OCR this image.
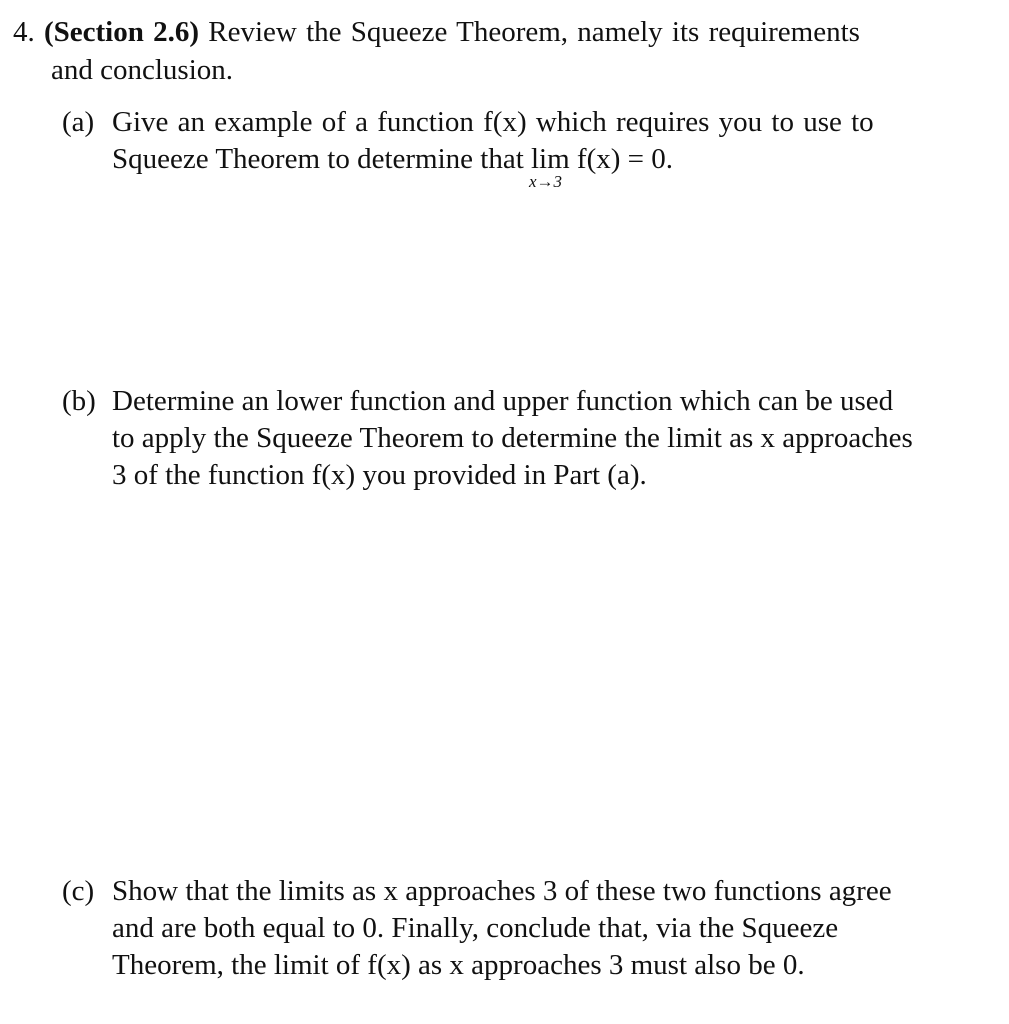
4. (Section 2.6) Review the Squeeze Theorem, namely its requirements
and conclusion.
(a) Give an example of a function f(x) which requires you to use to
Squeeze Theorem to determine that lim
x→3
f(x) = 0.
(b) Determine an lower function and upper function which can be used
to apply the Squeeze Theorem to determine the limit as x approaches
3 of the function f(x) you provided in Part (a).
(c) Show that the limits as x approaches 3 of these two functions agree
and are both equal to 0. Finally, conclude that, via the Squeeze
Theorem, the limit of f(x) as x approaches 3 must also be 0.
